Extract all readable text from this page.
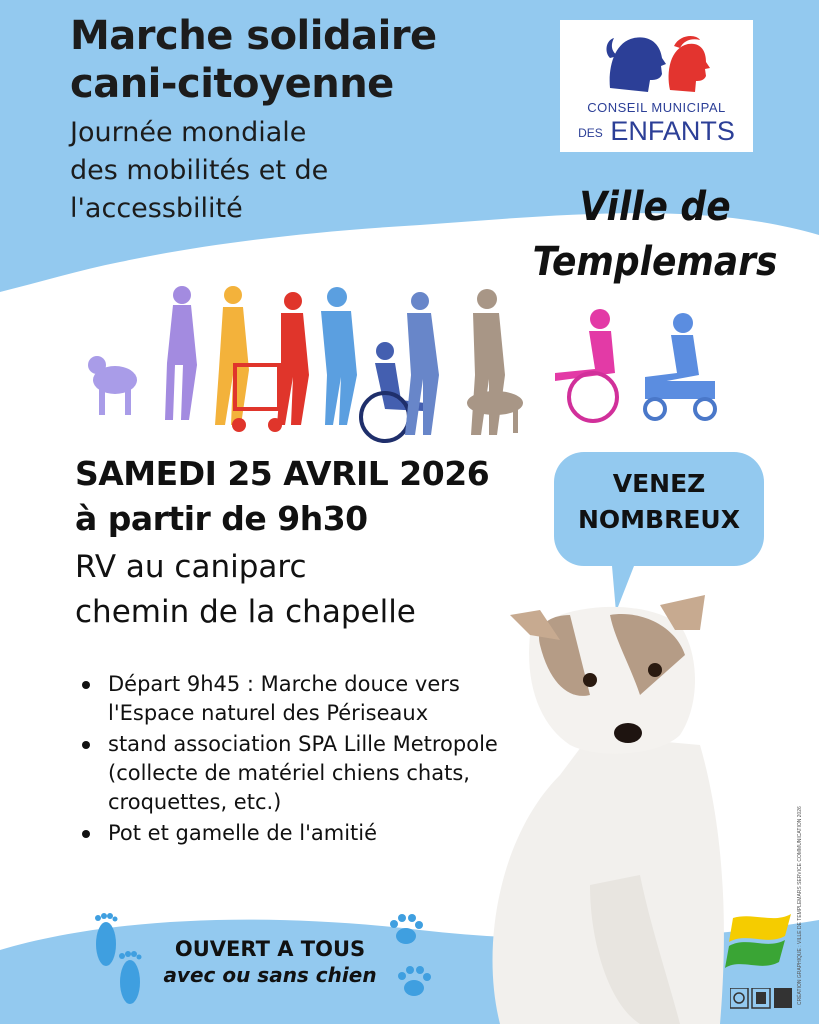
Marche solidaire
cani-citoyenne

Journée mondiale
des mobilités et de
l'accessbilité

CONSEIL MUNICIPAL
DES ENFANTS
Ville de
Templemars
SAMEDI 25 AVRIL 2026
à partir de 9h30
RV au caniparc
chemin de la chapelle
VENEZ
NOMBREUX
Départ 9h45 : Marche douce vers
l'Espace naturel des Périseaux
stand association SPA Lille Metropole
(collecte de matériel chiens chats,
croquettes, etc.)
Pot et gamelle de l'amitié
OUVERT A TOUS
avec ou sans chien	CRÉATION GRAPHIQUE : VILLE DE TEMPLEMARS SERVICE COMMUNICATION 2026
